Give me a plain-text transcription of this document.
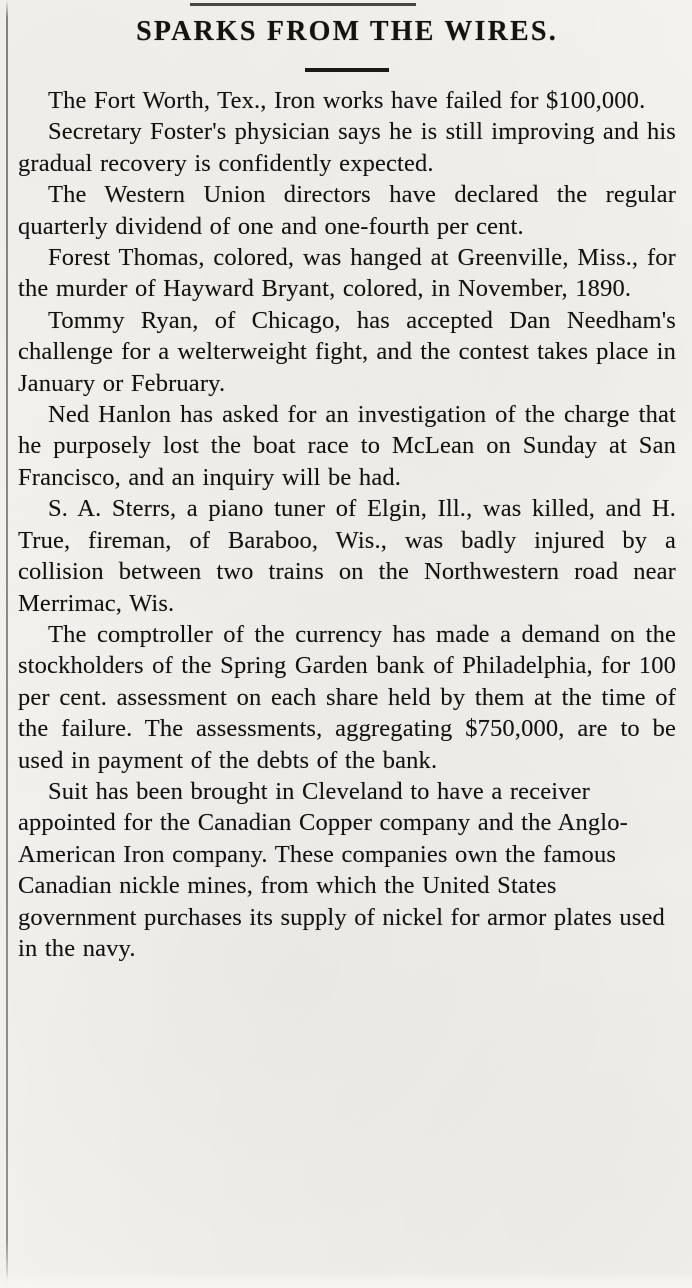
SPARKS FROM THE WIRES.

The Fort Worth, Tex., Iron works have failed for $100,000.

Secretary Foster's physician says he is still improving and his gradual recovery is confidently expected.

The Western Union directors have declared the regular quarterly dividend of one and one-fourth per cent.

Forest Thomas, colored, was hanged at Greenville, Miss., for the murder of Hayward Bryant, colored, in November, 1890.

Tommy Ryan, of Chicago, has accepted Dan Needham's challenge for a welterweight fight, and the contest takes place in January or February.

Ned Hanlon has asked for an investigation of the charge that he purposely lost the boat race to McLean on Sunday at San Francisco, and an inquiry will be had.

S. A. Sterrs, a piano tuner of Elgin, Ill., was killed, and H. True, fireman, of Baraboo, Wis., was badly injured by a collision between two trains on the Northwestern road near Merrimac, Wis.

The comptroller of the currency has made a demand on the stockholders of the Spring Garden bank of Philadelphia, for 100 per cent. assessment on each share held by them at the time of the failure. The assessments, aggregating $750,000, are to be used in payment of the debts of the bank.

Suit has been brought in Cleveland to have a receiver appointed for the Canadian Copper company and the Anglo-American Iron company. These companies own the famous Canadian nickle mines, from which the United States government purchases its supply of nickel for armor plates used in the navy.
